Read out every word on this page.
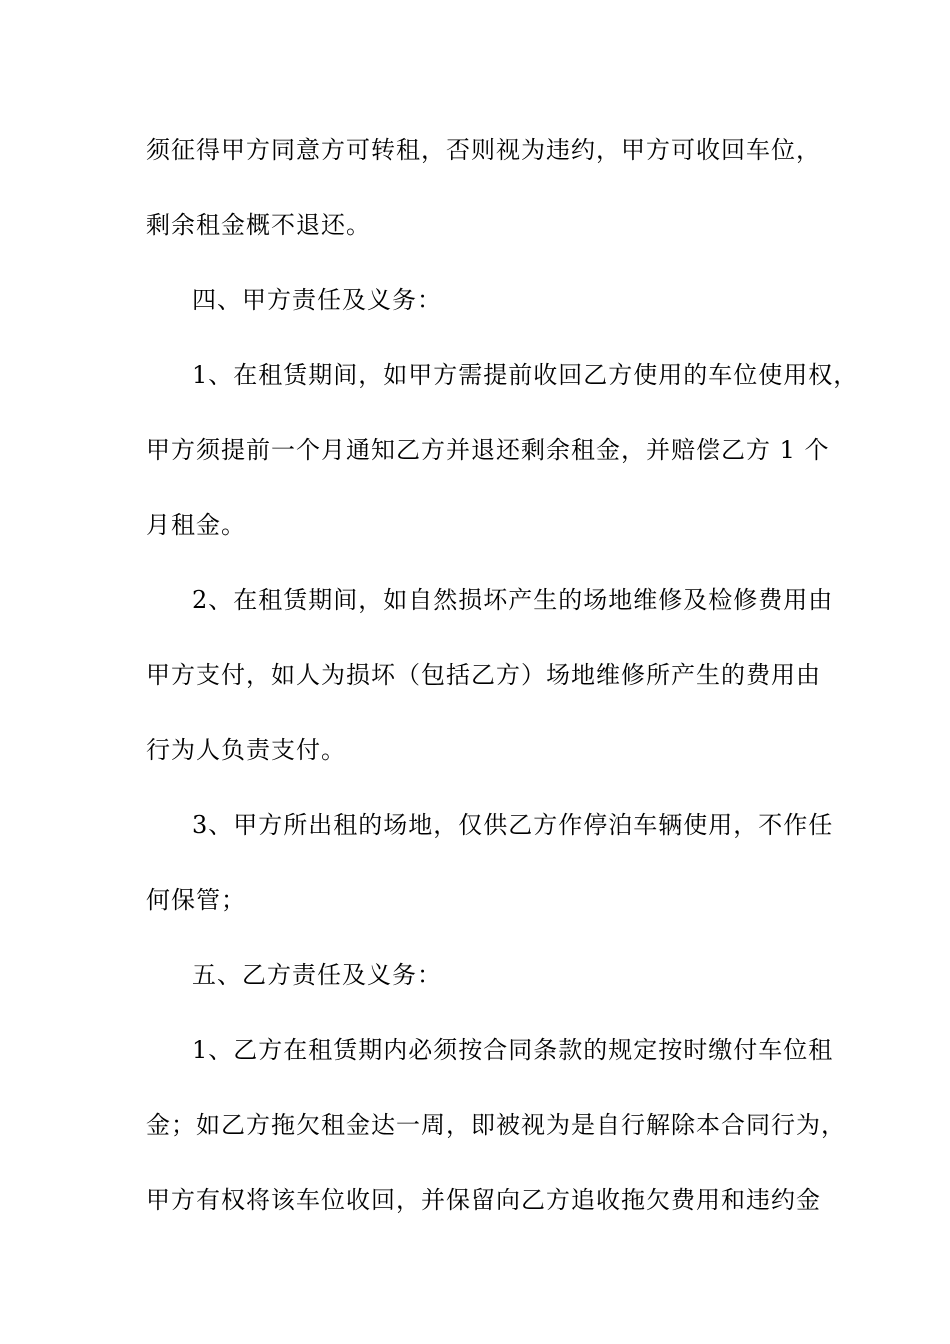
须征得甲方同意方可转租，否则视为违约，甲方可收回车位，
剩余租金概不退还。
四、甲方责任及义务：
1、在租赁期间，如甲方需提前收回乙方使用的车位使用权，
甲方须提前一个月通知乙方并退还剩余租金，并赔偿乙方 1 个
月租金。
2、在租赁期间，如自然损坏产生的场地维修及检修费用由
甲方支付，如人为损坏（包括乙方）场地维修所产生的费用由
行为人负责支付。
3、甲方所出租的场地，仅供乙方作停泊车辆使用，不作任
何保管；
五、乙方责任及义务：
1、乙方在租赁期内必须按合同条款的规定按时缴付车位租
金；如乙方拖欠租金达一周，即被视为是自行解除本合同行为，
甲方有权将该车位收回，并保留向乙方追收拖欠费用和违约金
